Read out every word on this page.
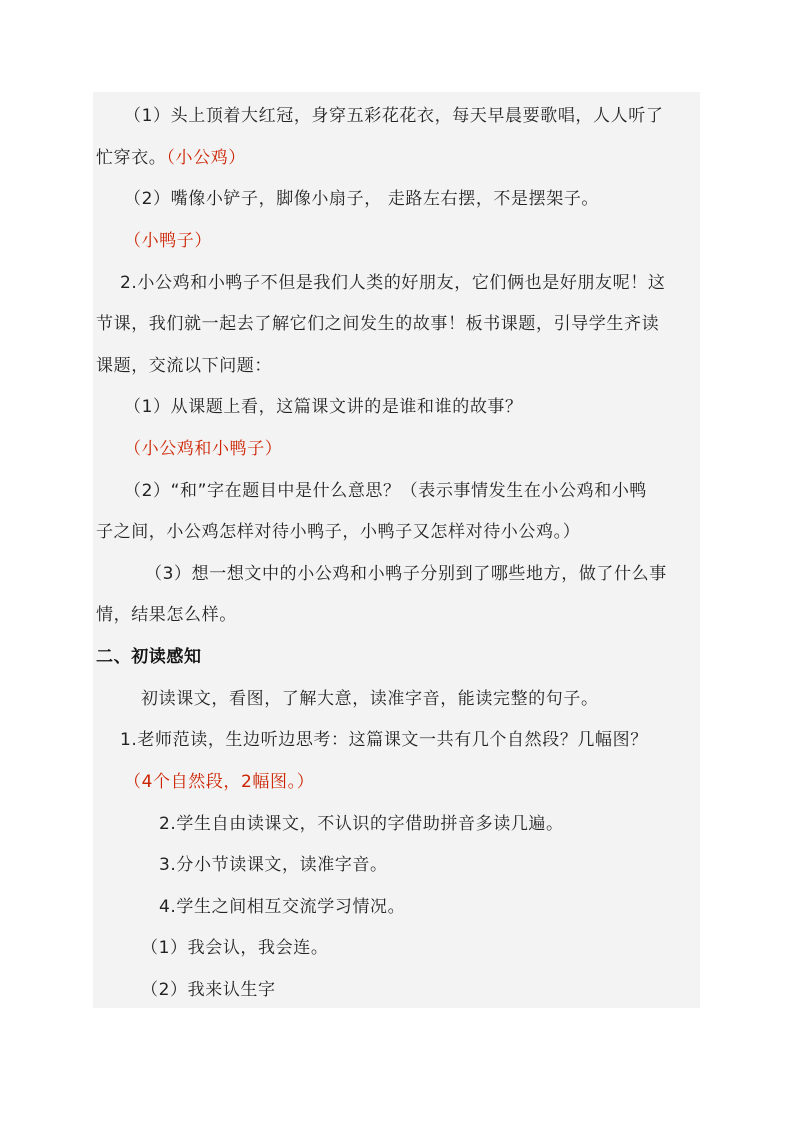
（1）头上顶着大红冠，身穿五彩花花衣，每天早晨要歌唱，人人听了
忙穿衣。（小公鸡）
（2）嘴像小铲子，脚像小扇子， 走路左右摆，不是摆架子。
（小鸭子）
2.小公鸡和小鸭子不但是我们人类的好朋友，它们俩也是好朋友呢！这
节课，我们就一起去了解它们之间发生的故事！板书课题，引导学生齐读
课题，交流以下问题：
（1）从课题上看，这篇课文讲的是谁和谁的故事？
（小公鸡和小鸭子）
（2）“和”字在题目中是什么意思？（表示事情发生在小公鸡和小鸭
子之间，小公鸡怎样对待小鸭子，小鸭子又怎样对待小公鸡。）
（3）想一想文中的小公鸡和小鸭子分别到了哪些地方，做了什么事
情，结果怎么样。
二、初读感知
初读课文，看图，了解大意，读准字音，能读完整的句子。
1.老师范读，生边听边思考：这篇课文一共有几个自然段？几幅图？
（4个自然段，2幅图。）
2.学生自由读课文，不认识的字借助拼音多读几遍。
3.分小节读课文，读准字音。
4.学生之间相互交流学习情况。
（1）我会认，我会连。
（2）我来认生字
